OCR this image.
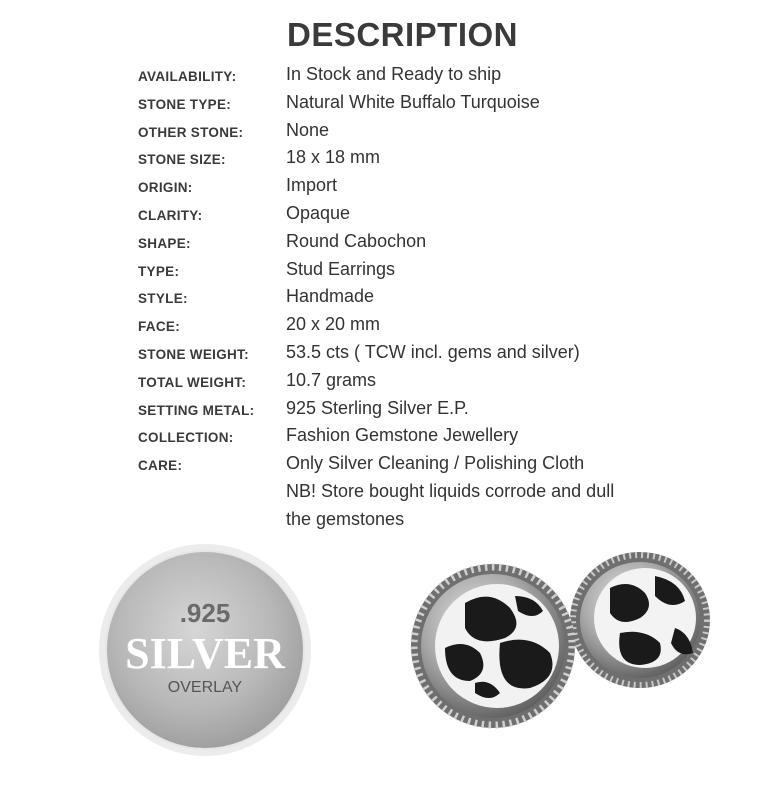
DESCRIPTION
AVAILABILITY:	In Stock and Ready to ship
STONE TYPE:	Natural White Buffalo Turquoise
OTHER STONE: None
STONE SIZE:	18 x 18 mm
ORIGIN:	Import
CLARITY:	Opaque
SHAPE:	Round Cabochon
TYPE:	Stud Earrings
STYLE:	Handmade
FACE:	20 x 20 mm
STONE WEIGHT: 53.5 cts ( TCW incl. gems and silver)
TOTAL WEIGHT: 10.7 grams
SETTING METAL: 925 Sterling Silver E.P.
COLLECTION:	Fashion Gemstone Jewellery
CARE:	Only Silver Cleaning / Polishing Cloth
NB! Store bought liquids corrode and dull
the gemstones
.925
SILVER
OVERLAY
